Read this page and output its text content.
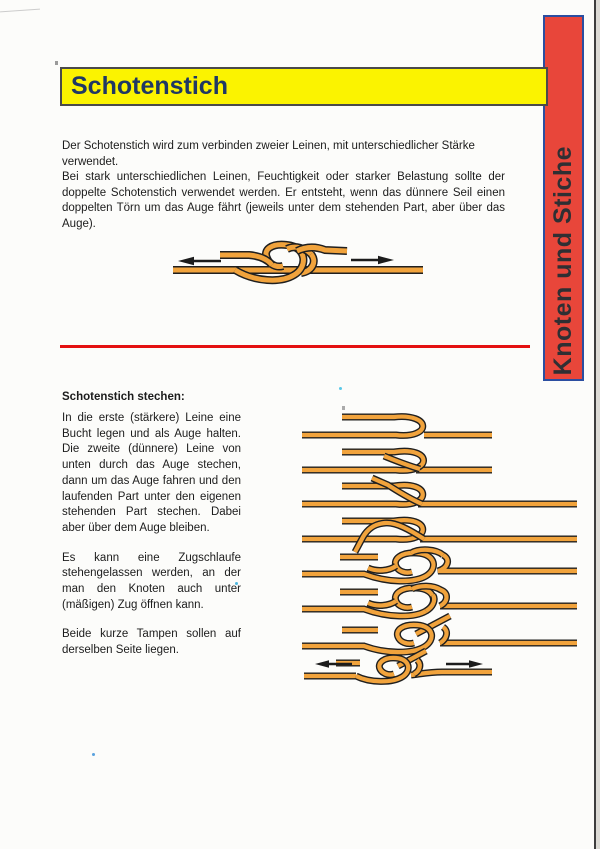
Knoten und Stiche
Schotenstich

Der Schotenstich wird zum verbinden zweier Leinen, mit unterschiedlicher Stärke verwendet.

Bei stark unterschiedlichen Leinen, Feuchtigkeit oder starker Belastung sollte der doppelte Schotenstich verwendet werden. Er entsteht, wenn das dünnere Seil einen doppelten Törn um das Auge fährt (jeweils unter dem stehenden Part, aber über das Auge).

Schotenstich stechen:

In die erste (stärkere) Leine eine Bucht legen und als Auge halten. Die zweite (dünnere) Leine von unten durch das Auge stechen, dann um das Auge fahren und den laufenden Part unter den eigenen stehenden Part stechen. Dabei aber über dem Auge bleiben.

Es kann eine Zugschlaufe stehengelassen werden, an der man den Knoten auch unter (mäßigen) Zug öffnen kann.

Beide kurze Tampen sollen auf derselben Seite liegen.
